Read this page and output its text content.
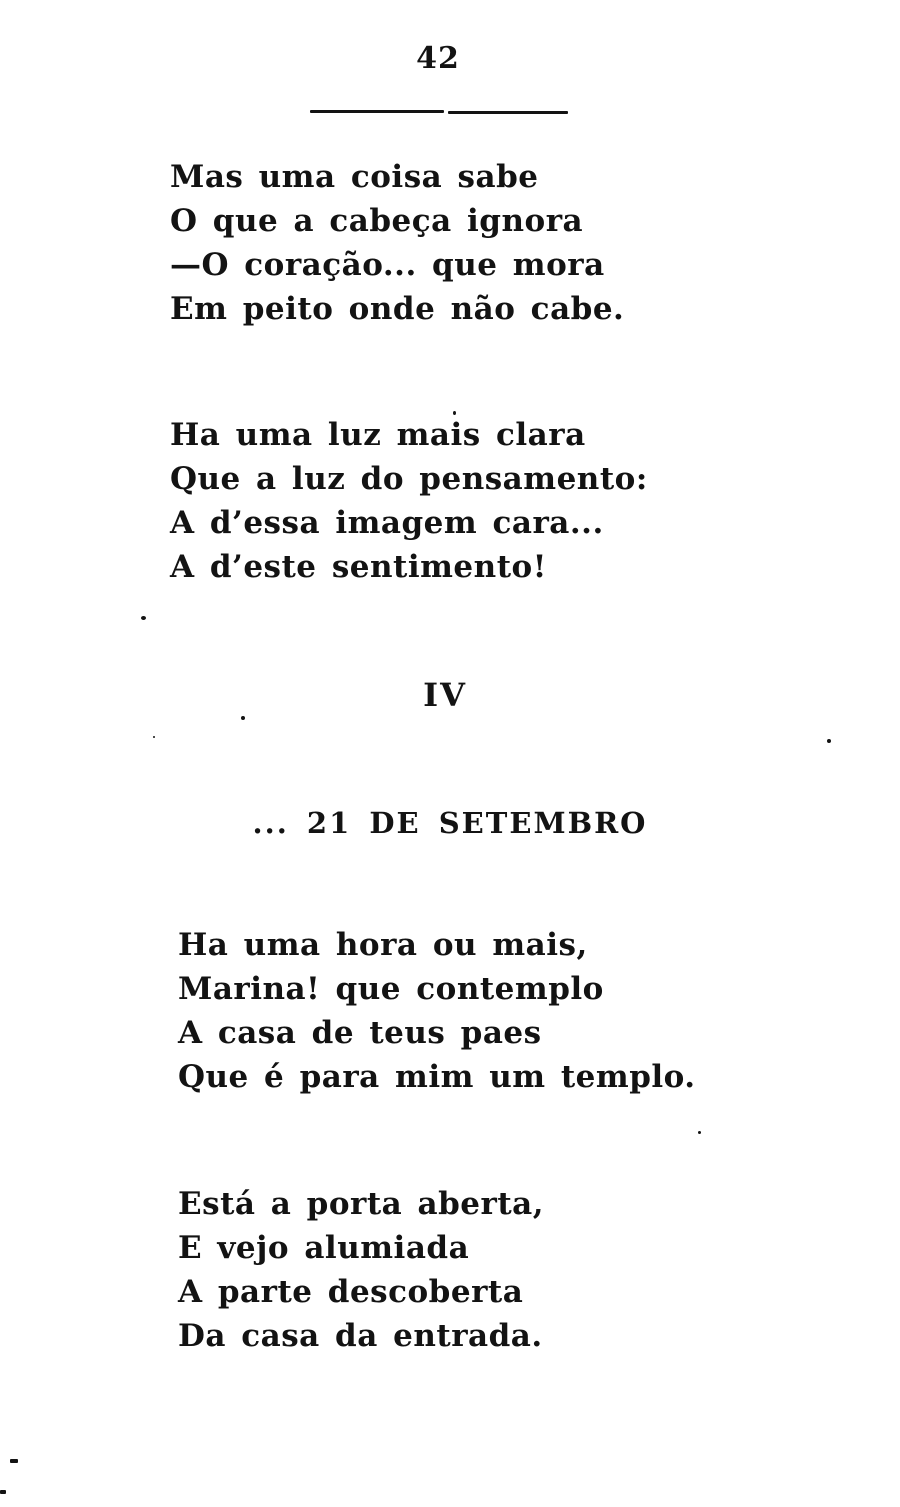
42
Mas uma coisa sabe
O que a cabeça ignora
—O coração... que mora
Em peito onde não cabe.
Ha uma luz mais clara
Que a luz do pensamento:
A d’essa imagem cara...
A d’este sentimento!
IV
... 21 DE SETEMBRO
Ha uma hora ou mais,
Marina! que contemplo
A casa de teus paes
Que é para mim um templo.
Está a porta aberta,
E vejo alumiada
A parte descoberta
Da casa da entrada.
